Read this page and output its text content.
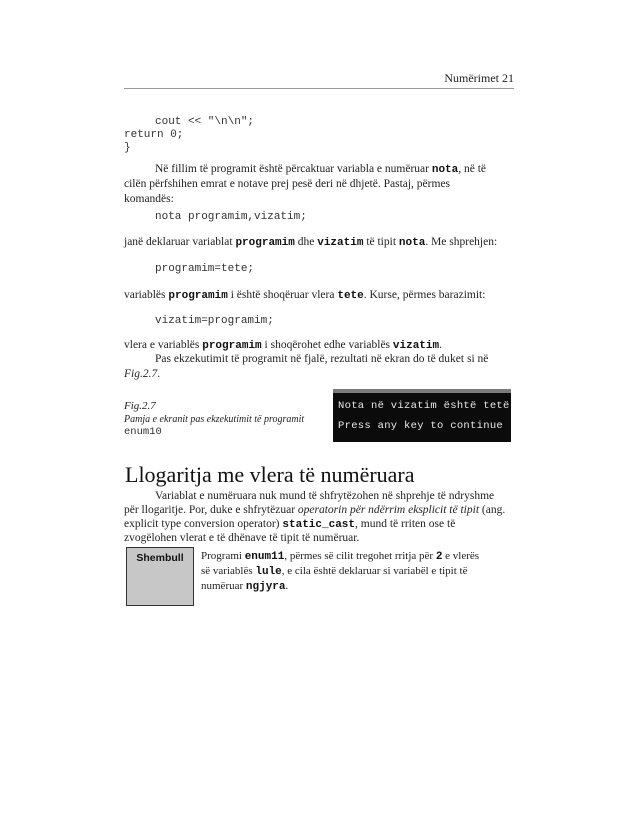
Numërimet 21
cout << "\n\n";
return 0;
}
Në fillim të programit është përcaktuar variabla e numëruar nota, në të
cilën përfshihen emrat e notave prej pesë deri në dhjetë. Pastaj, përmes
komandës:
nota programim,vizatim;
janë deklaruar variablat programim dhe vizatim të tipit nota. Me shprehjen:
programim=tete;
variablës programim i është shoqëruar vlera tete. Kurse, përmes barazimit:
vizatim=programim;
vlera e variablës programim i shoqërohet edhe variablës vizatim.
Pas ekzekutimit të programit në fjalë, rezultati në ekran do të duket si në
Fig.2.7.
Fig.2.7
Pamja e ekranit pas ekzekutimit të programit
enum10
Nota në vizatim është tetë
Press any key to continue
Llogaritja me vlera të numëruara
Variablat e numëruara nuk mund të shfrytëzohen në shprehje të ndryshme
për llogaritje. Por, duke e shfrytëzuar operatorin për ndërrim eksplicit të tipit (ang.
explicit type conversion operator) static_cast, mund të rriten ose të
zvogëlohen vlerat e të dhënave të tipit të numëruar.
Shembull	Programi enum11, përmes së cilit tregohet rritja për 2 e vlerës
së variablës lule, e cila është deklaruar si variabël e tipit të
numëruar ngjyra.
